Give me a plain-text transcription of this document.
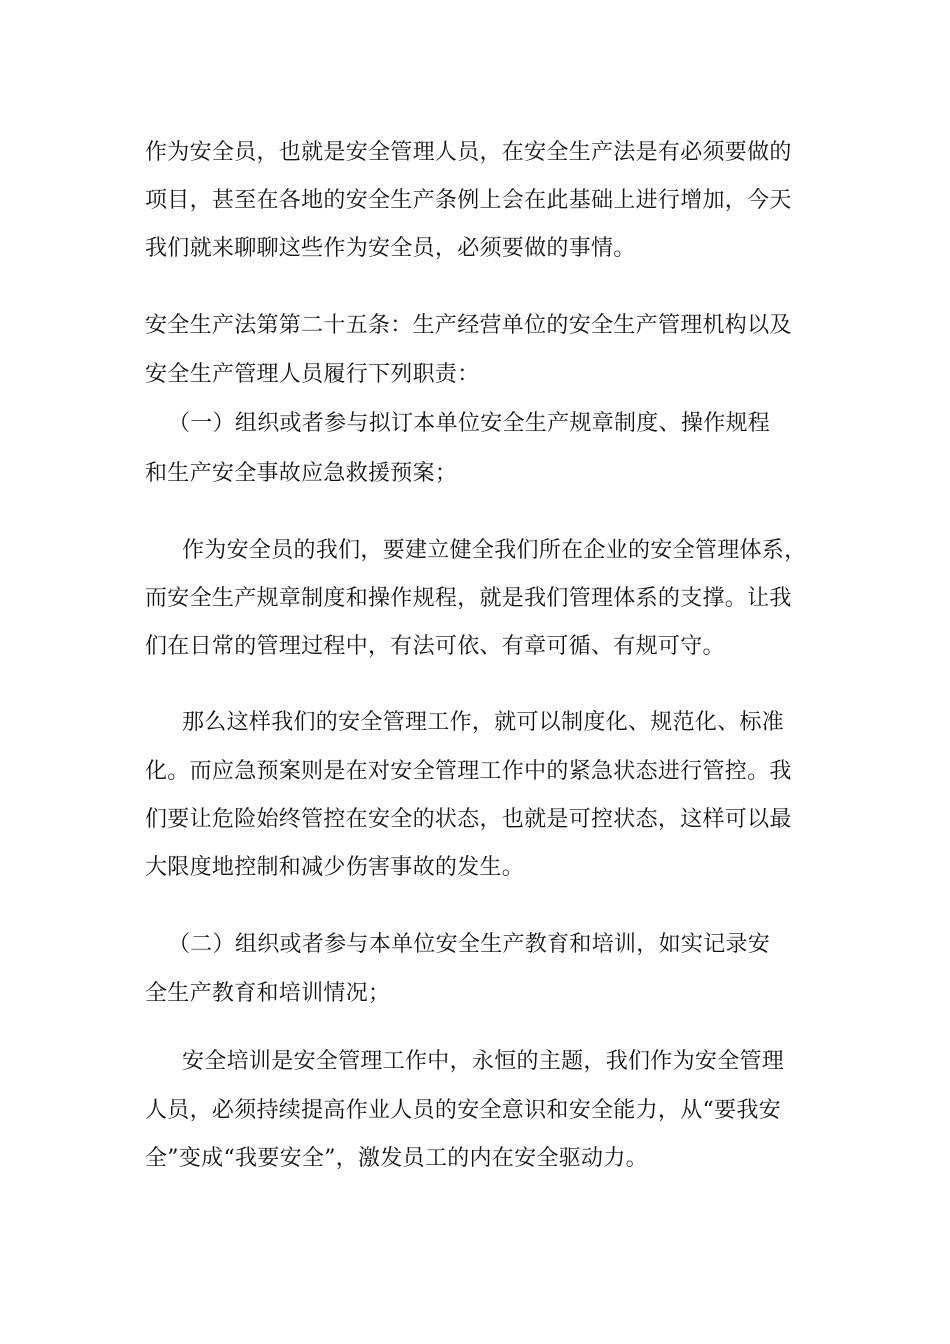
作为安全员，也就是安全管理人员，在安全生产法是有必须要做的
项目，甚至在各地的安全生产条例上会在此基础上进行增加，今天
我们就来聊聊这些作为安全员，必须要做的事情。
安全生产法第第二十五条：生产经营单位的安全生产管理机构以及
安全生产管理人员履行下列职责：
（一）组织或者参与拟订本单位安全生产规章制度、操作规程
和生产安全事故应急救援预案；
作为安全员的我们，要建立健全我们所在企业的安全管理体系，
而安全生产规章制度和操作规程，就是我们管理体系的支撑。让我
们在日常的管理过程中，有法可依、有章可循、有规可守。
那么这样我们的安全管理工作，就可以制度化、规范化、标准
化。而应急预案则是在对安全管理工作中的紧急状态进行管控。我
们要让危险始终管控在安全的状态，也就是可控状态，这样可以最
大限度地控制和减少伤害事故的发生。
（二）组织或者参与本单位安全生产教育和培训，如实记录安
全生产教育和培训情况；
安全培训是安全管理工作中，永恒的主题，我们作为安全管理
人员，必须持续提高作业人员的安全意识和安全能力，从“要我安
全”变成“我要安全”，激发员工的内在安全驱动力。
